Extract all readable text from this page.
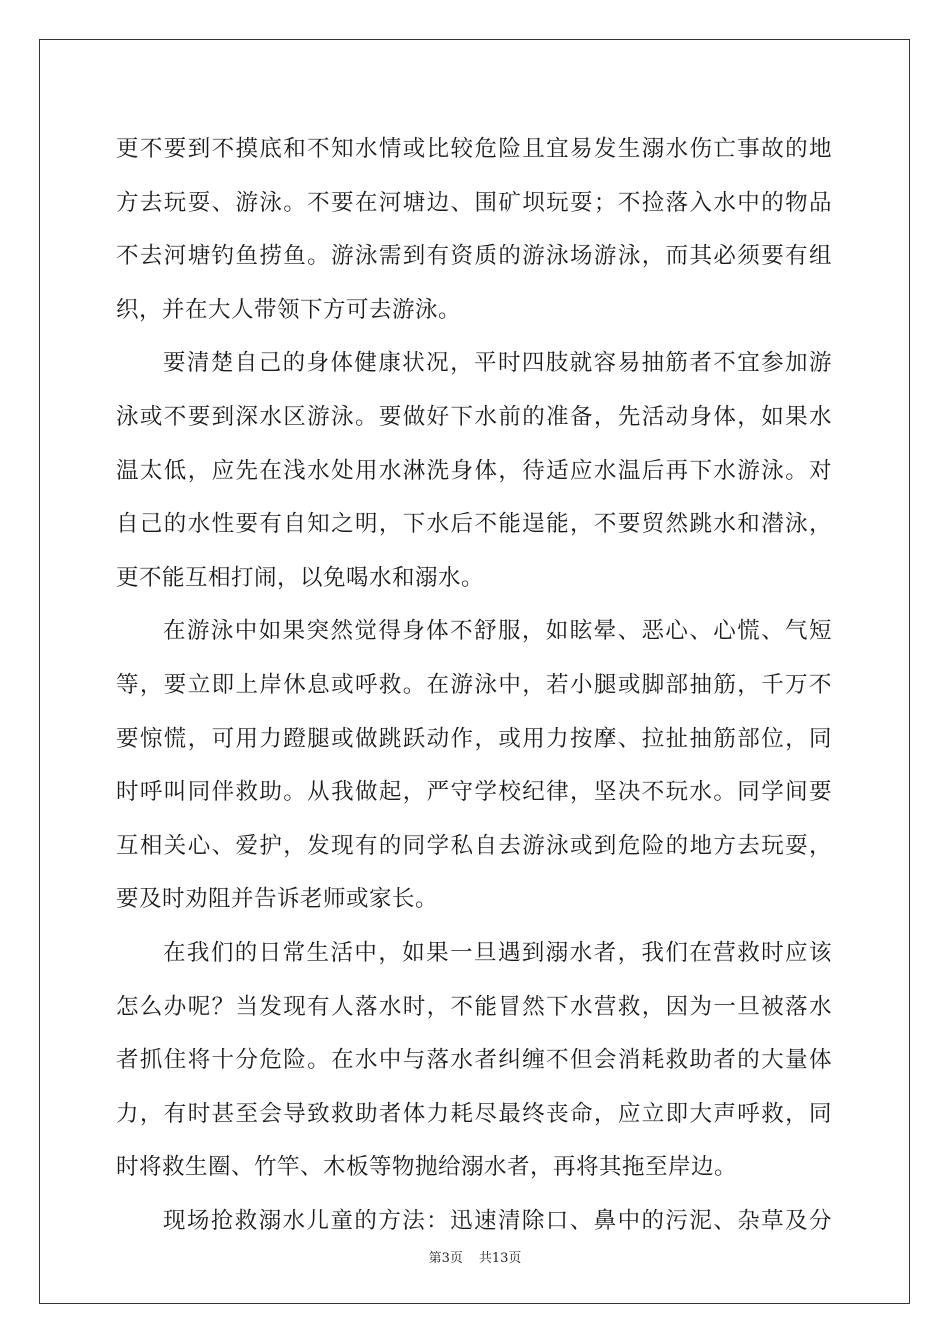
更不要到不摸底和不知水情或比较危险且宜易发生溺水伤亡事故的地
方去玩耍、游泳。不要在河塘边、围矿坝玩耍；不捡落入水中的物品
不去河塘钓鱼捞鱼。游泳需到有资质的游泳场游泳，而其必须要有组
织，并在大人带领下方可去游泳。
要清楚自己的身体健康状况，平时四肢就容易抽筋者不宜参加游
泳或不要到深水区游泳。要做好下水前的准备，先活动身体，如果水
温太低，应先在浅水处用水淋洗身体，待适应水温后再下水游泳。对
自己的水性要有自知之明，下水后不能逞能，不要贸然跳水和潜泳，
更不能互相打闹，以免喝水和溺水。
在游泳中如果突然觉得身体不舒服，如眩晕、恶心、心慌、气短
等，要立即上岸休息或呼救。在游泳中，若小腿或脚部抽筋，千万不
要惊慌，可用力蹬腿或做跳跃动作，或用力按摩、拉扯抽筋部位，同
时呼叫同伴救助。从我做起，严守学校纪律，坚决不玩水。同学间要
互相关心、爱护，发现有的同学私自去游泳或到危险的地方去玩耍，
要及时劝阻并告诉老师或家长。
在我们的日常生活中，如果一旦遇到溺水者，我们在营救时应该
怎么办呢？当发现有人落水时，不能冒然下水营救，因为一旦被落水
者抓住将十分危险。在水中与落水者纠缠不但会消耗救助者的大量体
力，有时甚至会导致救助者体力耗尽最终丧命，应立即大声呼救，同
时将救生圈、竹竿、木板等物抛给溺水者，再将其拖至岸边。
现场抢救溺水儿童的方法：迅速清除口、鼻中的污泥、杂草及分
第3页 共13页
